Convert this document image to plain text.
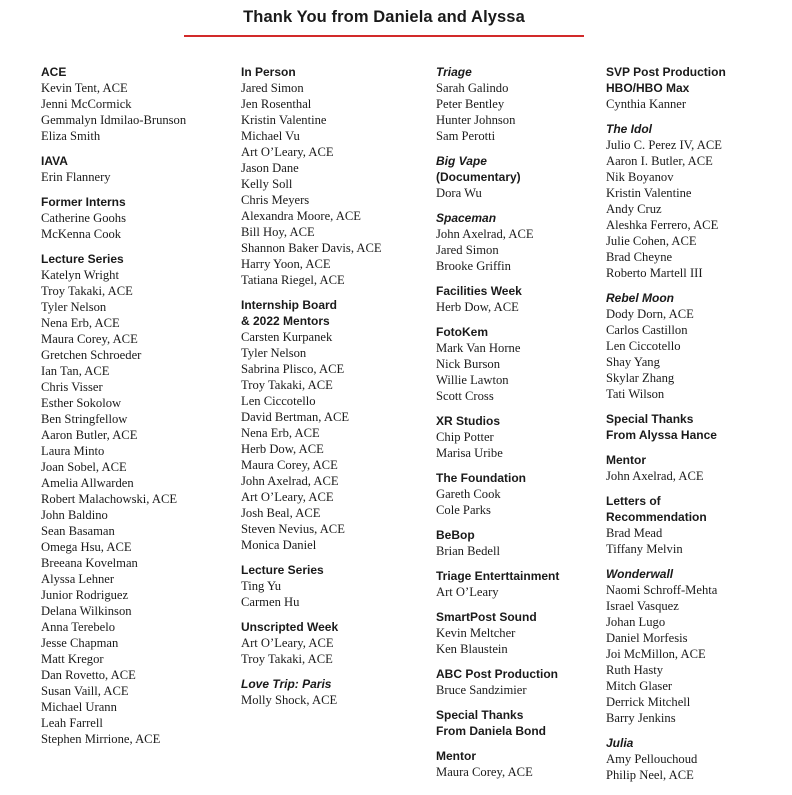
Thank You from Daniela and Alyssa
ACE
Kevin Tent, ACE
Jenni McCormick
Gemmalyn Idmilao-Brunson
Eliza Smith
IAVA
Erin Flannery
Former Interns
Catherine Goohs
McKenna Cook
Lecture Series
Katelyn Wright
Troy Takaki, ACE
Tyler Nelson
Nena Erb, ACE
Maura Corey, ACE
Gretchen Schroeder
Ian Tan, ACE
Chris Visser
Esther Sokolow
Ben Stringfellow
Aaron Butler, ACE
Laura Minto
Joan Sobel, ACE
Amelia Allwarden
Robert Malachowski, ACE
John Baldino
Sean Basaman
Omega Hsu, ACE
Breeana Kovelman
Alyssa Lehner
Junior Rodriguez
Delana Wilkinson
Anna Terebelo
Jesse Chapman
Matt Kregor
Dan Rovetto, ACE
Susan Vaill, ACE
Michael Urann
Leah Farrell
Stephen Mirrione, ACE
In Person
Jared Simon
Jen Rosenthal
Kristin Valentine
Michael Vu
Art O’Leary, ACE
Jason Dane
Kelly Soll
Chris Meyers
Alexandra Moore, ACE
Bill Hoy, ACE
Shannon Baker Davis, ACE
Harry Yoon, ACE
Tatiana Riegel, ACE
Internship Board
& 2022 Mentors
Carsten Kurpanek
Tyler Nelson
Sabrina Plisco, ACE
Troy Takaki, ACE
Len Ciccotello
David Bertman, ACE
Nena Erb, ACE
Herb Dow, ACE
Maura Corey, ACE
John Axelrad, ACE
Art O’Leary, ACE
Josh Beal, ACE
Steven Nevius, ACE
Monica Daniel
Lecture Series
Ting Yu
Carmen Hu
Unscripted Week
Art O’Leary, ACE
Troy Takaki, ACE
Love Trip: Paris
Molly Shock, ACE
Triage
Sarah Galindo
Peter Bentley
Hunter Johnson
Sam Perotti
Big Vape
(Documentary)
Dora Wu
Spaceman
John Axelrad, ACE
Jared Simon
Brooke Griffin
Facilities Week
Herb Dow, ACE
FotoKem
Mark Van Horne
Nick Burson
Willie Lawton
Scott Cross
XR Studios
Chip Potter
Marisa Uribe
The Foundation
Gareth Cook
Cole Parks
BeBop
Brian Bedell
Triage Enterttainment
Art O’Leary
SmartPost Sound
Kevin Meltcher
Ken Blaustein
ABC Post Production
Bruce Sandzimier
Special Thanks
From Daniela Bond
Mentor
Maura Corey, ACE
SVP Post Production
HBO/HBO Max
Cynthia Kanner
The Idol
Julio C. Perez IV, ACE
Aaron I. Butler, ACE
Nik Boyanov
Kristin Valentine
Andy Cruz
Aleshka Ferrero, ACE
Julie Cohen, ACE
Brad Cheyne
Roberto Martell III
Rebel Moon
Dody Dorn, ACE
Carlos Castillon
Len Ciccotello
Shay Yang
Skylar Zhang
Tati Wilson
Special Thanks
From Alyssa Hance
Mentor
John Axelrad, ACE
Letters of
Recommendation
Brad Mead
Tiffany Melvin
Wonderwall
Naomi Schroff-Mehta
Israel Vasquez
Johan Lugo
Daniel Morfesis
Joi McMillon, ACE
Ruth Hasty
Mitch Glaser
Derrick Mitchell
Barry Jenkins
Julia
Amy Pellouchoud
Philip Neel, ACE
